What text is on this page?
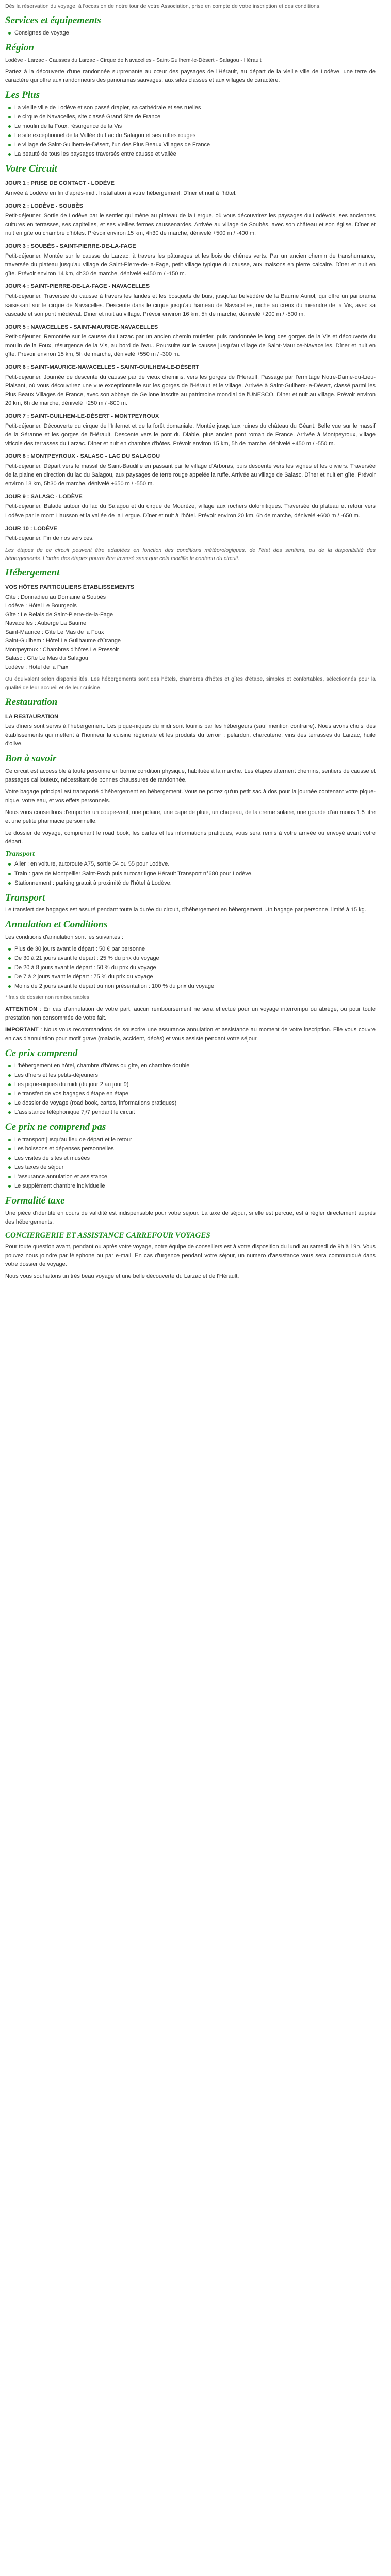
Dès la réservation du voyage, à l'occasion de notre tour de votre Association, prise en compte de votre inscription et des conditions.

Services et équipements
Consignes de voyage
Région

Lodève - Larzac - Causses du Larzac - Cirque de Navacelles - Saint-Guilhem-le-Désert - Salagou - Hérault

Partez à la découverte d'une randonnée surprenante au cœur des paysages de l'Hérault, au départ de la vieille ville de Lodève, une terre de caractère qui offre aux randonneurs des panoramas sauvages, aux sites classés et aux villages de caractère.

Les Plus
La vieille ville de Lodève et son passé drapier, sa cathédrale et ses ruelles
Le cirque de Navacelles, site classé Grand Site de France
Le moulin de la Foux, résurgence de la Vis
Le site exceptionnel de la Vallée du Lac du Salagou et ses ruffes rouges
Le village de Saint-Guilhem-le-Désert, l'un des Plus Beaux Villages de France
La beauté de tous les paysages traversés entre causse et vallée
Votre Circuit
JOUR 1 : PRISE DE CONTACT - LODÈVE

Arrivée à Lodève en fin d'après-midi. Installation à votre hébergement. Dîner et nuit à l'hôtel.

JOUR 2 : LODÈVE - SOUBÈS

Petit-déjeuner. Sortie de Lodève par le sentier qui mène au plateau de la Lergue, où vous découvrirez les paysages du Lodévois, ses anciennes cultures en terrasses, ses capitelles, et ses vieilles fermes caussenardes. Arrivée au village de Soubès, avec son château et son église. Dîner et nuit en gîte ou chambre d'hôtes. Prévoir environ 15 km, 4h30 de marche, dénivelé +500 m / -400 m.

JOUR 3 : SOUBÈS - SAINT-PIERRE-DE-LA-FAGE

Petit-déjeuner. Montée sur le causse du Larzac, à travers les pâturages et les bois de chênes verts. Par un ancien chemin de transhumance, traversée du plateau jusqu'au village de Saint-Pierre-de-la-Fage, petit village typique du causse, aux maisons en pierre calcaire. Dîner et nuit en gîte. Prévoir environ 14 km, 4h30 de marche, dénivelé +450 m / -150 m.

JOUR 4 : SAINT-PIERRE-DE-LA-FAGE - NAVACELLES

Petit-déjeuner. Traversée du causse à travers les landes et les bosquets de buis, jusqu'au belvédère de la Baume Auriol, qui offre un panorama saisissant sur le cirque de Navacelles. Descente dans le cirque jusqu'au hameau de Navacelles, niché au creux du méandre de la Vis, avec sa cascade et son pont médiéval. Dîner et nuit au village. Prévoir environ 16 km, 5h de marche, dénivelé +200 m / -500 m.

JOUR 5 : NAVACELLES - SAINT-MAURICE-NAVACELLES

Petit-déjeuner. Remontée sur le causse du Larzac par un ancien chemin muletier, puis randonnée le long des gorges de la Vis et découverte du moulin de la Foux, résurgence de la Vis, au bord de l'eau. Poursuite sur le causse jusqu'au village de Saint-Maurice-Navacelles. Dîner et nuit en gîte. Prévoir environ 15 km, 5h de marche, dénivelé +550 m / -300 m.

JOUR 6 : SAINT-MAURICE-NAVACELLES - SAINT-GUILHEM-LE-DÉSERT

Petit-déjeuner. Journée de descente du causse par de vieux chemins, vers les gorges de l'Hérault. Passage par l'ermitage Notre-Dame-du-Lieu-Plaisant, où vous découvrirez une vue exceptionnelle sur les gorges de l'Hérault et le village. Arrivée à Saint-Guilhem-le-Désert, classé parmi les Plus Beaux Villages de France, avec son abbaye de Gellone inscrite au patrimoine mondial de l'UNESCO. Dîner et nuit au village. Prévoir environ 20 km, 6h de marche, dénivelé +250 m / -800 m.

JOUR 7 : SAINT-GUILHEM-LE-DÉSERT - MONTPEYROUX

Petit-déjeuner. Découverte du cirque de l'Infernet et de la forêt domaniale. Montée jusqu'aux ruines du château du Géant. Belle vue sur le massif de la Séranne et les gorges de l'Hérault. Descente vers le pont du Diable, plus ancien pont roman de France. Arrivée à Montpeyroux, village viticole des terrasses du Larzac. Dîner et nuit en chambre d'hôtes. Prévoir environ 15 km, 5h de marche, dénivelé +450 m / -550 m.

JOUR 8 : MONTPEYROUX - SALASC - LAC DU SALAGOU

Petit-déjeuner. Départ vers le massif de Saint-Baudille en passant par le village d'Arboras, puis descente vers les vignes et les oliviers. Traversée de la plaine en direction du lac du Salagou, aux paysages de terre rouge appelée la ruffe. Arrivée au village de Salasc. Dîner et nuit en gîte. Prévoir environ 18 km, 5h30 de marche, dénivelé +650 m / -550 m.

JOUR 9 : SALASC - LODÈVE

Petit-déjeuner. Balade autour du lac du Salagou et du cirque de Mourèze, village aux rochers dolomitiques. Traversée du plateau et retour vers Lodève par le mont Liausson et la vallée de la Lergue. Dîner et nuit à l'hôtel. Prévoir environ 20 km, 6h de marche, dénivelé +600 m / -650 m.

JOUR 10 : LODÈVE

Petit-déjeuner. Fin de nos services.

Les étapes de ce circuit peuvent être adaptées en fonction des conditions météorologiques, de l'état des sentiers, ou de la disponibilité des hébergements. L'ordre des étapes pourra être inversé sans que cela modifie le contenu du circuit.

Hébergement
VOS HÔTES PARTICULIERS ÉTABLISSEMENTS
Gîte : Donnadieu au Domaine à Soubès
Lodève : Hôtel Le Bourgeois
Gîte : Le Relais de Saint-Pierre-de-la-Fage
Navacelles : Auberge La Baume
Saint-Maurice : Gîte Le Mas de la Foux
Saint-Guilhem : Hôtel Le Guilhaume d'Orange
Montpeyroux : Chambres d'hôtes Le Pressoir
Salasc : Gîte Le Mas du Salagou
Lodève : Hôtel de la Paix

Ou équivalent selon disponibilités. Les hébergements sont des hôtels, chambres d'hôtes et gîtes d'étape, simples et confortables, sélectionnés pour la qualité de leur accueil et de leur cuisine.

Restauration
LA RESTAURATION

Les dîners sont servis à l'hébergement. Les pique-niques du midi sont fournis par les hébergeurs (sauf mention contraire). Nous avons choisi des établissements qui mettent à l'honneur la cuisine régionale et les produits du terroir : pélardon, charcuterie, vins des terrasses du Larzac, huile d'olive.

Bon à savoir

Ce circuit est accessible à toute personne en bonne condition physique, habituée à la marche. Les étapes alternent chemins, sentiers de causse et passages caillouteux, nécessitant de bonnes chaussures de randonnée.

Votre bagage principal est transporté d'hébergement en hébergement. Vous ne portez qu'un petit sac à dos pour la journée contenant votre pique-nique, votre eau, et vos effets personnels.

Nous vous conseillons d'emporter un coupe-vent, une polaire, une cape de pluie, un chapeau, de la crème solaire, une gourde d'au moins 1,5 litre et une petite pharmacie personnelle.

Le dossier de voyage, comprenant le road book, les cartes et les informations pratiques, vous sera remis à votre arrivée ou envoyé avant votre départ.

Transport
Aller : en voiture, autoroute A75, sortie 54 ou 55 pour Lodève.
Train : gare de Montpellier Saint-Roch puis autocar ligne Hérault Transport n°680 pour Lodève.
Stationnement : parking gratuit à proximité de l'hôtel à Lodève.
Transport

Le transfert des bagages est assuré pendant toute la durée du circuit, d'hébergement en hébergement. Un bagage par personne, limité à 15 kg.

Annulation et Conditions

Les conditions d'annulation sont les suivantes :

Plus de 30 jours avant le départ : 50 € par personne
De 30 à 21 jours avant le départ : 25 % du prix du voyage
De 20 à 8 jours avant le départ : 50 % du prix du voyage
De 7 à 2 jours avant le départ : 75 % du prix du voyage
Moins de 2 jours avant le départ ou non présentation : 100 % du prix du voyage

* frais de dossier non remboursables

ATTENTION : En cas d'annulation de votre part, aucun remboursement ne sera effectué pour un voyage interrompu ou abrégé, ou pour toute prestation non consommée de votre fait.

IMPORTANT : Nous vous recommandons de souscrire une assurance annulation et assistance au moment de votre inscription. Elle vous couvre en cas d'annulation pour motif grave (maladie, accident, décès) et vous assiste pendant votre séjour.

Ce prix comprend
L'hébergement en hôtel, chambre d'hôtes ou gîte, en chambre double
Les dîners et les petits-déjeuners
Les pique-niques du midi (du jour 2 au jour 9)
Le transfert de vos bagages d'étape en étape
Le dossier de voyage (road book, cartes, informations pratiques)
L'assistance téléphonique 7j/7 pendant le circuit
Ce prix ne comprend pas
Le transport jusqu'au lieu de départ et le retour
Les boissons et dépenses personnelles
Les visites de sites et musées
Les taxes de séjour
L'assurance annulation et assistance
Le supplément chambre individuelle
Formalité taxe

Une pièce d'identité en cours de validité est indispensable pour votre séjour. La taxe de séjour, si elle est perçue, est à régler directement auprès des hébergements.

CONCIERGERIE ET ASSISTANCE CARREFOUR VOYAGES

Pour toute question avant, pendant ou après votre voyage, notre équipe de conseillers est à votre disposition du lundi au samedi de 9h à 19h. Vous pouvez nous joindre par téléphone ou par e-mail. En cas d'urgence pendant votre séjour, un numéro d'assistance vous sera communiqué dans votre dossier de voyage.

Nous vous souhaitons un très beau voyage et une belle découverte du Larzac et de l'Hérault.
